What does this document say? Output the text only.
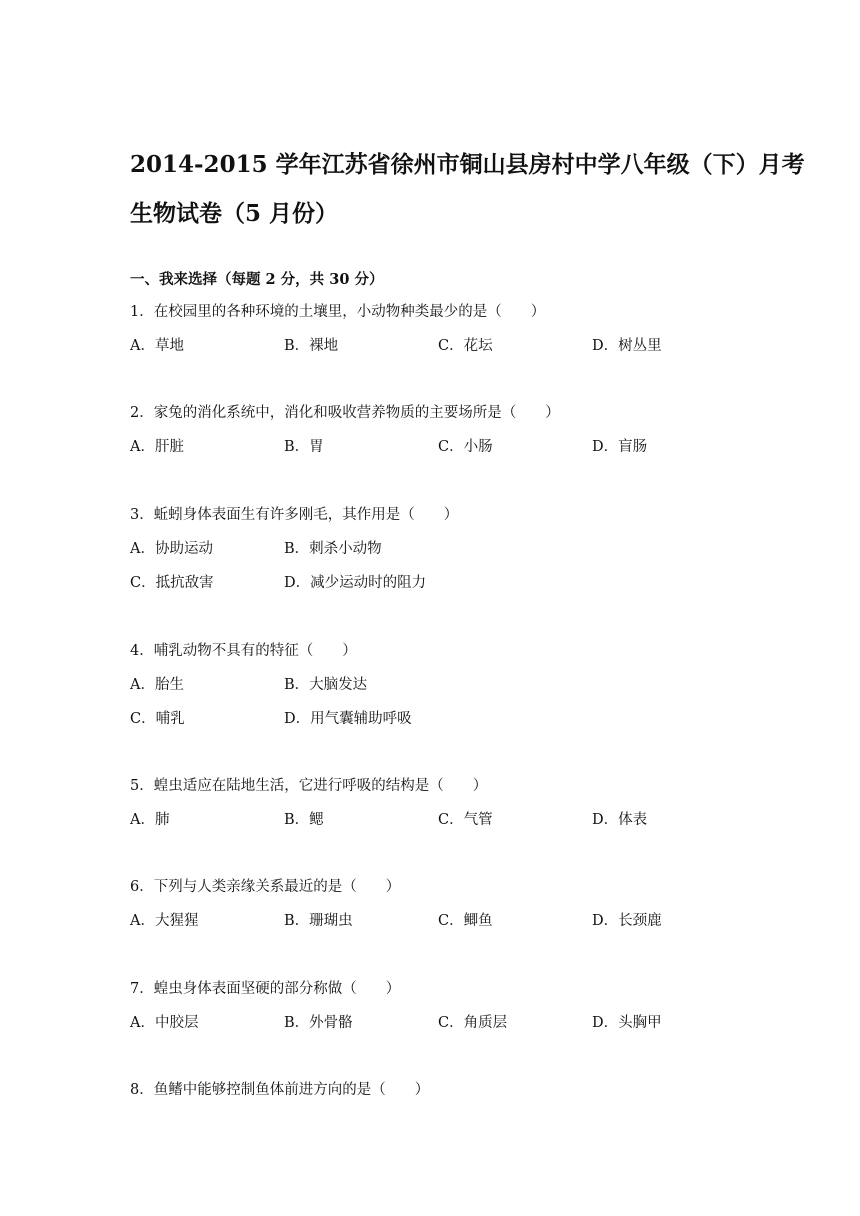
2014-2015 学年江苏省徐州市铜山县房村中学八年级（下）月考
生物试卷（5 月份）
一、我来选择（每题 2 分，共 30 分）
1．在校园里的各种环境的土壤里，小动物种类最少的是（　　）
A．草地	B．裸地	C．花坛	D．树丛里
2．家兔的消化系统中，消化和吸收营养物质的主要场所是（　　）
A．肝脏	B．胃	C．小肠	D．盲肠
3．蚯蚓身体表面生有许多刚毛，其作用是（　　）
A．协助运动	B．刺杀小动物
C．抵抗敌害	D．减少运动时的阻力
4．哺乳动物不具有的特征（　　）
A．胎生	B．大脑发达
C．哺乳	D．用气囊辅助呼吸
5．蝗虫适应在陆地生活，它进行呼吸的结构是（　　）
A．肺	B．鳃	C．气管	D．体表
6．下列与人类亲缘关系最近的是（　　）
A．大猩猩	B．珊瑚虫	C．鲫鱼	D．长颈鹿
7．蝗虫身体表面坚硬的部分称做（　　）
A．中胶层	B．外骨骼	C．角质层	D．头胸甲
8．鱼鳍中能够控制鱼体前进方向的是（　　）
